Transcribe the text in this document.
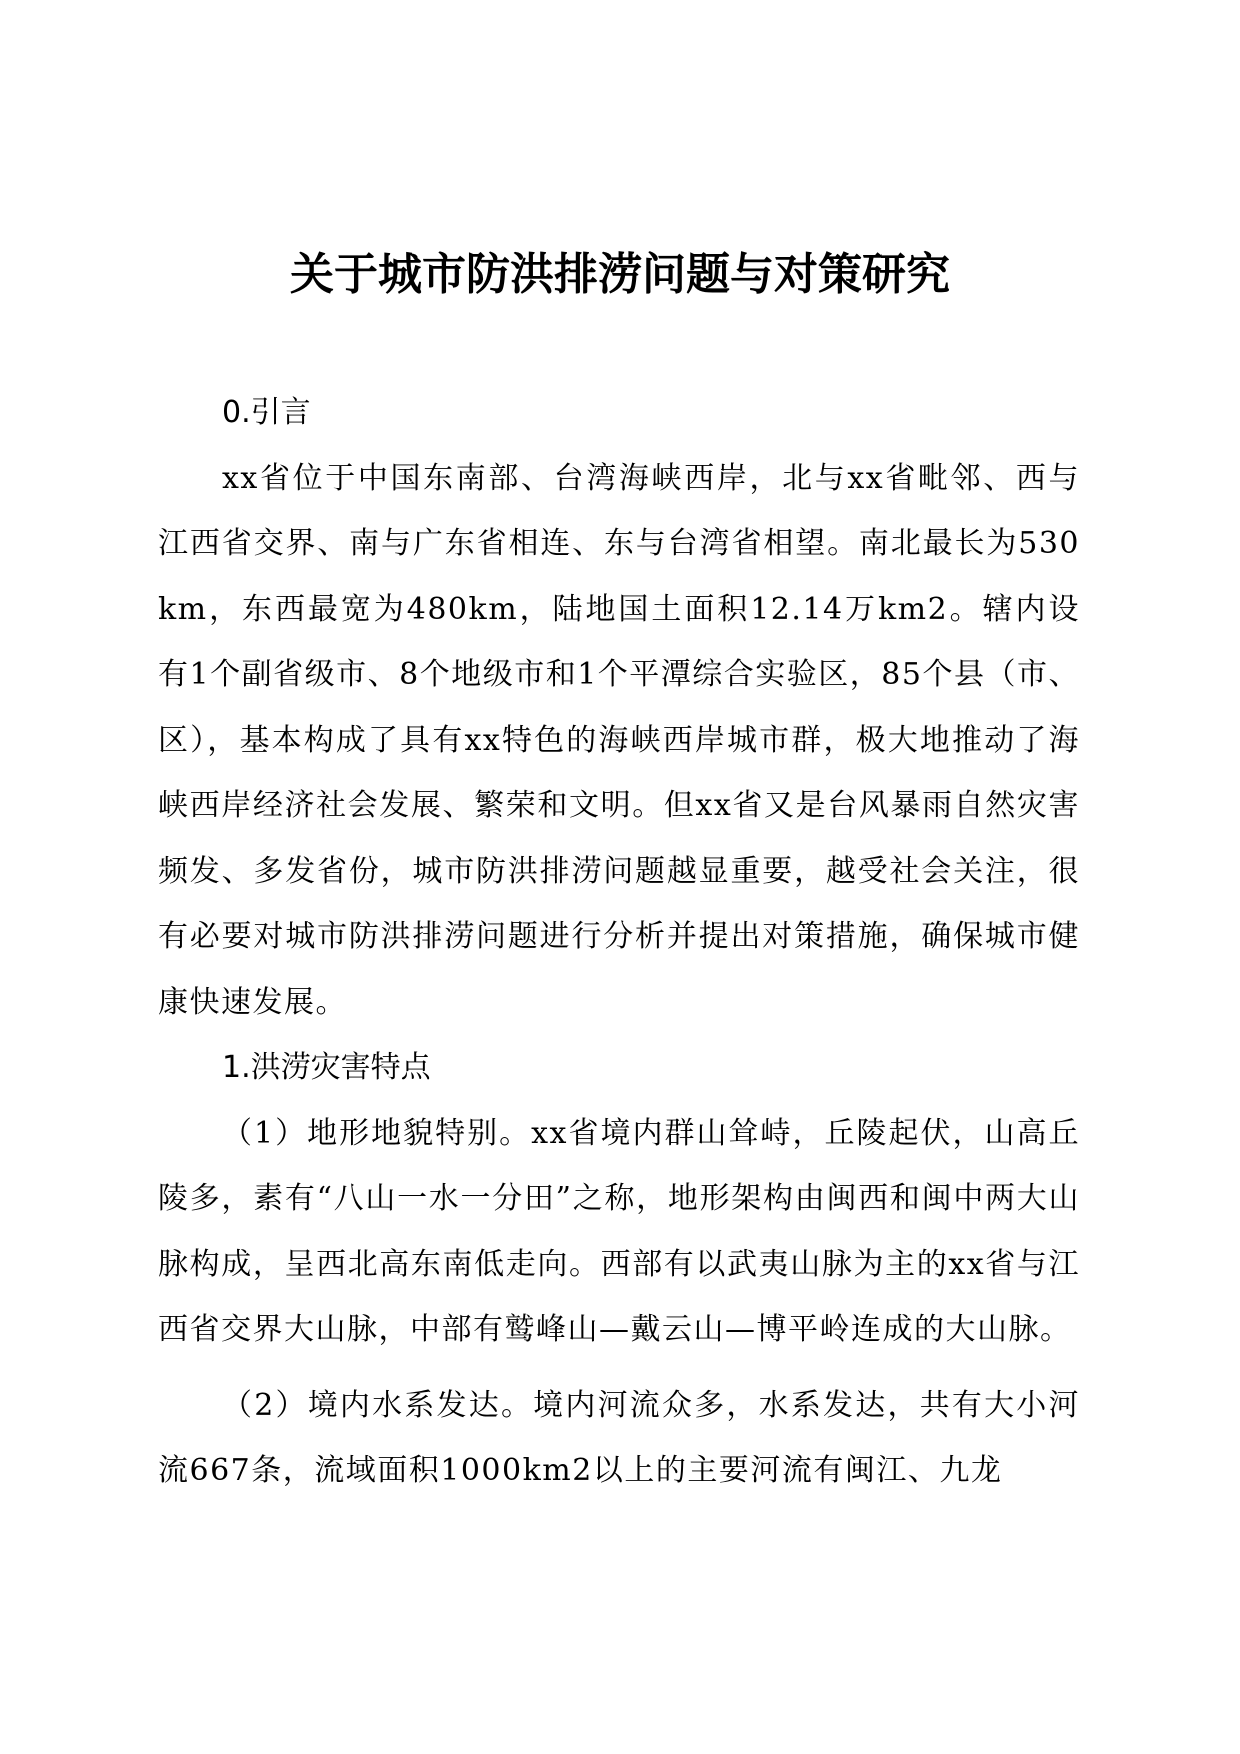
关于城市防洪排涝问题与对策研究

0.引言

xx省位于中国东南部、台湾海峡西岸，北与xx省毗邻、西与江西省交界、南与广东省相连、东与台湾省相望。南北最长为530km，东西最宽为480km，陆地国土面积12.14万km2。辖内设有1个副省级市、8个地级市和1个平潭综合实验区，85个县（市、区），基本构成了具有xx特色的海峡西岸城市群，极大地推动了海峡西岸经济社会发展、繁荣和文明。但xx省又是台风暴雨自然灾害频发、多发省份，城市防洪排涝问题越显重要，越受社会关注，很有必要对城市防洪排涝问题进行分析并提出对策措施，确保城市健康快速发展。

1.洪涝灾害特点

（1）地形地貌特别。xx省境内群山耸峙，丘陵起伏，山高丘陵多，素有“八山一水一分田”之称，地形架构由闽西和闽中两大山脉构成，呈西北高东南低走向。西部有以武夷山脉为主的xx省与江西省交界大山脉，中部有鹫峰山—戴云山—博平岭连成的大山脉。

（2）境内水系发达。境内河流众多，水系发达，共有大小河流667条，流域面积1000km2以上的主要河流有闽江、九龙
